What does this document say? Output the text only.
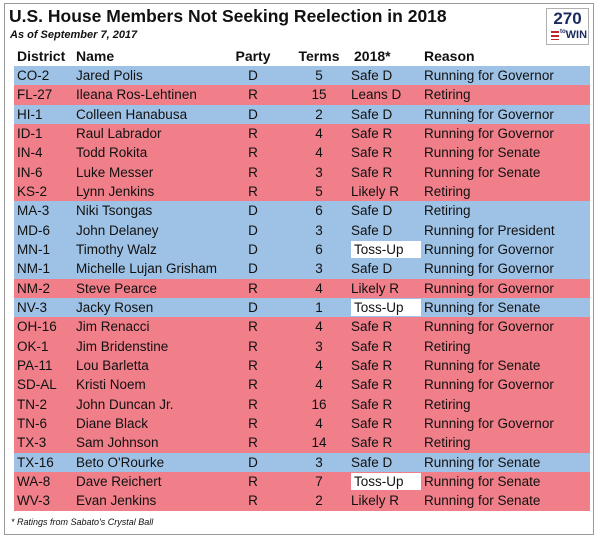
U.S. House Members Not Seeking Reelection in 2018
As of September 7, 2017
270
$^{to}$WIN
District Name	Party Terms 2018*	Reason
CO-2 Jared Polis	D	5	Safe D	Running for Governor
FL-27 Ileana Ros-Lehtinen	R	15	Leans D	Retiring
HI-1 Colleen Hanabusa	D	2	Safe D	Running for Governor
ID-1 Raul Labrador	R	4	Safe R	Running for Governor
IN-4 Todd Rokita	R	4	Safe R	Running for Senate
IN-6 Luke Messer	R	3	Safe R	Running for Senate
KS-2 Lynn Jenkins	R	5	Likely R	Retiring
MA-3 Niki Tsongas	D	6	Safe D	Retiring
MD-6 John Delaney	D	3	Safe D	Running for President
MN-1 Timothy Walz	D	6	Toss-Up	Running for Governor
NM-1 Michelle Lujan Grisham	D	3	Safe D	Running for Governor
NM-2 Steve Pearce	R	4	Likely R	Running for Governor
NV-3 Jacky Rosen	D	1	Toss-Up	Running for Senate
OH-16 Jim Renacci	R	4	Safe R	Running for Governor
OK-1 Jim Bridenstine	R	3	Safe R	Retiring
PA-11 Lou Barletta	R	4	Safe R	Running for Senate
SD-AL Kristi Noem	R	4	Safe R	Running for Governor
TN-2 John Duncan Jr.	R	16	Safe R	Retiring
TN-6 Diane Black	R	4	Safe R	Running for Governor
TX-3 Sam Johnson	R	14	Safe R	Retiring
TX-16 Beto O'Rourke	D	3	Safe D	Running for Senate
WA-8 Dave Reichert	R	7	Toss-Up	Running for Senate
WV-3 Evan Jenkins	R	2	Likely R	Running for Senate
* Ratings from Sabato's Crystal Ball
